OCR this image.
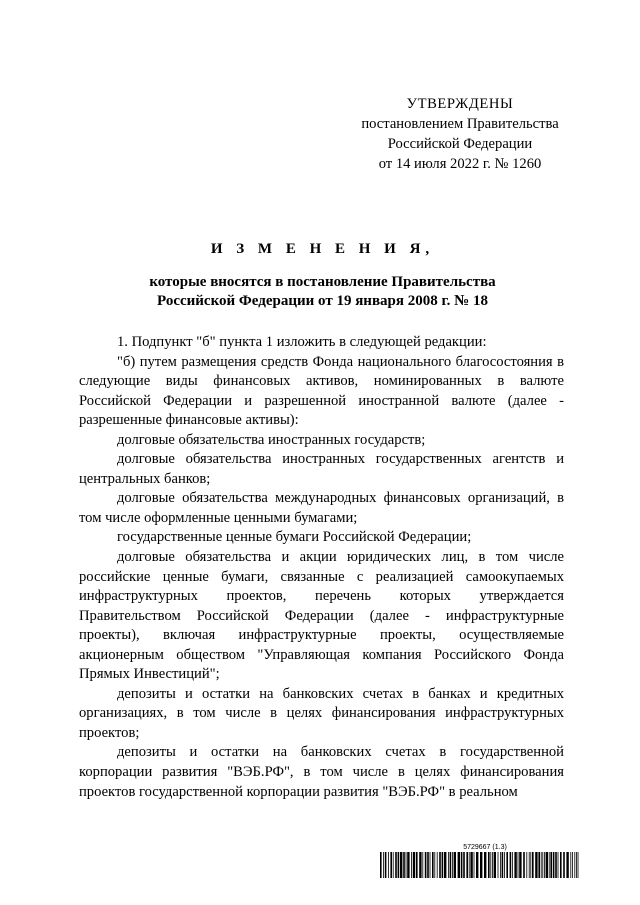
УТВЕРЖДЕНЫ
постановлением Правительства
Российской Федерации
от 14 июля 2022 г. № 1260
И З М Е Н Е Н И Я,
которые вносятся в постановление Правительства
Российской Федерации от 19 января 2008 г. № 18

1. Подпункт "б" пункта 1 изложить в следующей редакции:

"б) путем размещения средств Фонда национального благосостояния в следующие виды финансовых активов, номинированных в валюте Российской Федерации и разрешенной иностранной валюте (далее - разрешенные финансовые активы):

долговые обязательства иностранных государств;

долговые обязательства иностранных государственных агентств и центральных банков;

долговые обязательства международных финансовых организаций, в том числе оформленные ценными бумагами;

государственные ценные бумаги Российской Федерации;

долговые обязательства и акции юридических лиц, в том числе российские ценные бумаги, связанные с реализацией самоокупаемых инфраструктурных проектов, перечень которых утверждается Правительством Российской Федерации (далее - инфраструктурные проекты), включая инфраструктурные проекты, осуществляемые акционерным обществом "Управляющая компания Российского Фонда Прямых Инвестиций";

депозиты и остатки на банковских счетах в банках и кредитных организациях, в том числе в целях финансирования инфраструктурных проектов;

депозиты и остатки на банковских счетах в государственной корпорации развития "ВЭБ.РФ", в том числе в целях финансирования проектов государственной корпорации развития "ВЭБ.РФ" в реальном

5729667 (1.3)
